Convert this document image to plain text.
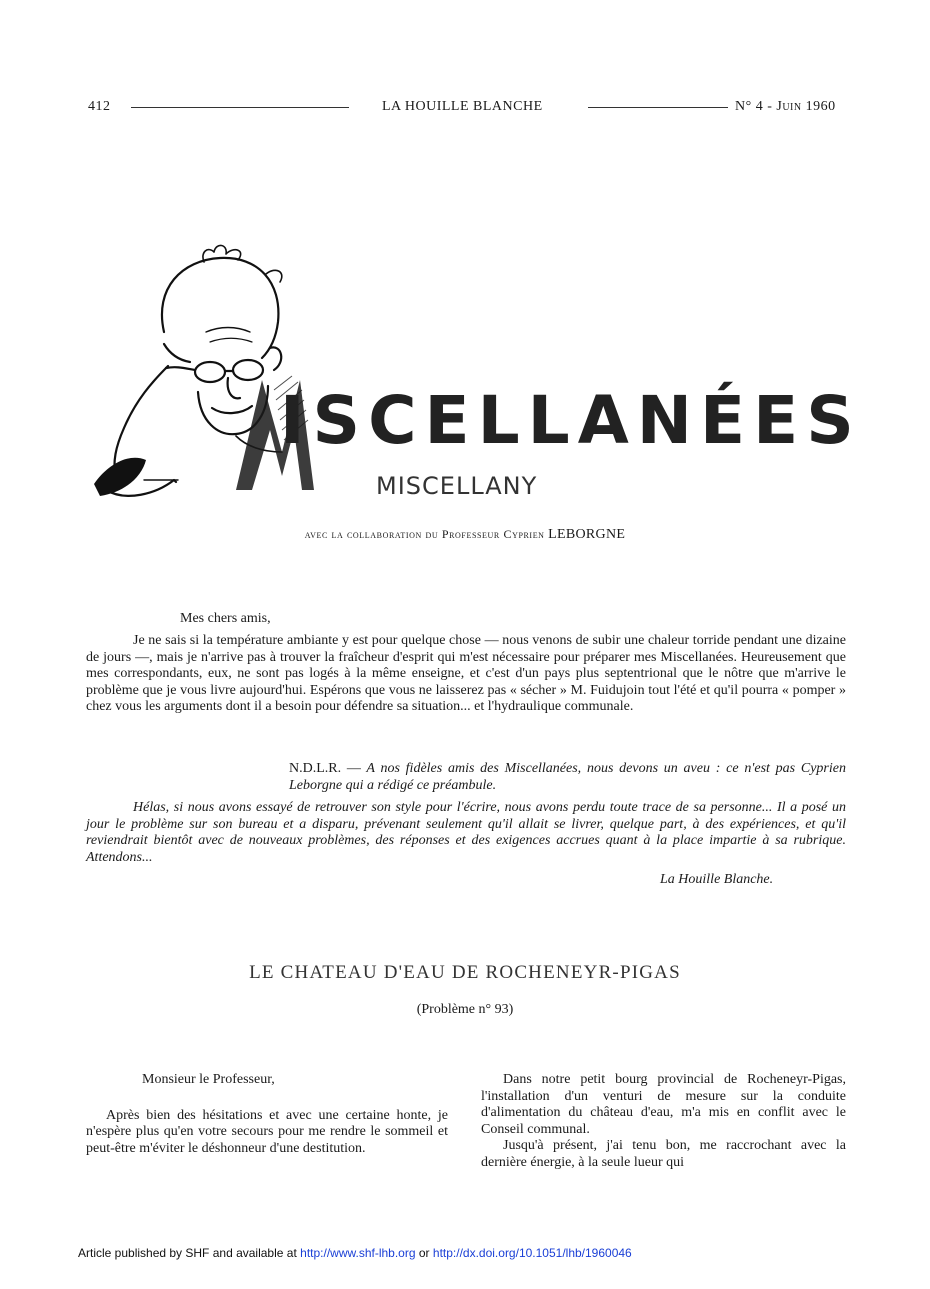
412	LA HOUILLE BLANCHE	N° 4 - Juin 1960
ISCELLANÉES
MISCELLANY
avec la collaboration du Professeur Cyprien LEBORGNE
Mes chers amis,
Je ne sais si la température ambiante y est pour quelque chose — nous venons de subir une chaleur torride pendant une dizaine de jours —, mais je n'arrive pas à trouver la fraîcheur d'esprit qui m'est nécessaire pour préparer mes Miscellanées. Heureusement que mes correspondants, eux, ne sont pas logés à la même enseigne, et c'est d'un pays plus septentrional que le nôtre que m'arrive le problème que je vous livre aujourd'hui. Espérons que vous ne laisserez pas « sécher » M. Fuidujoin tout l'été et qu'il pourra « pomper » chez vous les arguments dont il a besoin pour défendre sa situation... et l'hydraulique communale.
N.D.L.R. — A nos fidèles amis des Miscellanées, nous devons un aveu : ce n'est pas Cyprien Leborgne qui a rédigé ce préambule.
Hélas, si nous avons essayé de retrouver son style pour l'écrire, nous avons perdu toute trace de sa personne... Il a posé un jour le problème sur son bureau et a disparu, prévenant seulement qu'il allait se livrer, quelque part, à des expériences, et qu'il reviendrait bientôt avec de nouveaux problèmes, des réponses et des exigences accrues quant à la place impartie à sa rubrique. Attendons...
La Houille Blanche.
LE CHATEAU D'EAU DE ROCHENEYR-PIGAS
(Problème n° 93)

Monsieur le Professeur,

Après bien des hésitations et avec une certaine honte, je n'espère plus qu'en votre secours pour me rendre le sommeil et peut-être m'éviter le déshonneur d'une destitution.

Dans notre petit bourg provincial de Rocheneyr-Pigas, l'installation d'un venturi de mesure sur la conduite d'alimentation du château d'eau, m'a mis en conflit avec le Conseil communal.

Jusqu'à présent, j'ai tenu bon, me raccrochant avec la dernière énergie, à la seule lueur qui

Article published by SHF and available at http://www.shf-lhb.org or http://dx.doi.org/10.1051/lhb/1960046
